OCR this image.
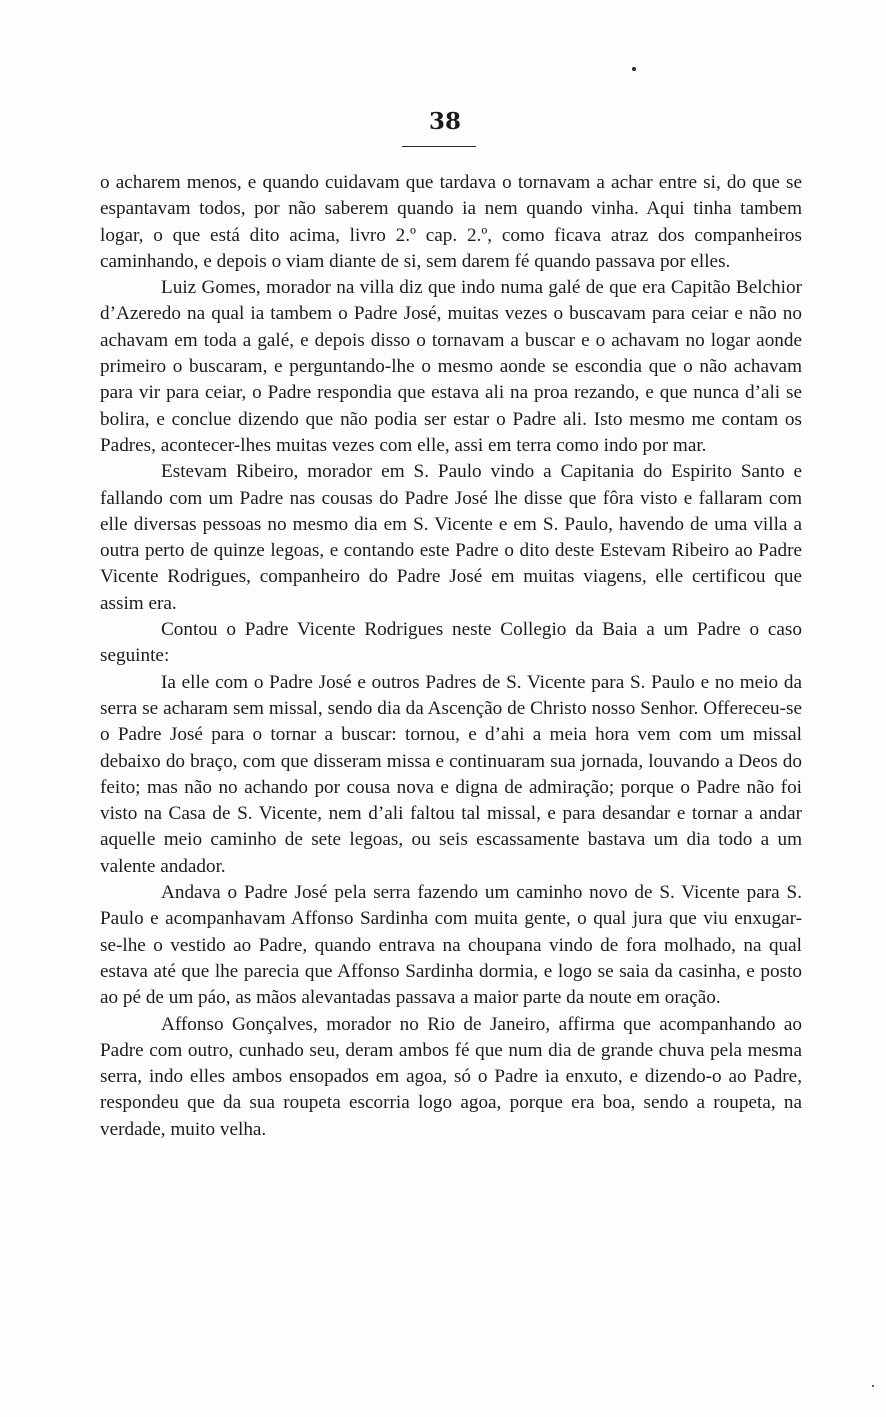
38

o acharem menos, e quando cuidavam que tardava o tornavam a achar entre si, do que se espantavam todos, por não saberem quando ia nem quando vinha. Aqui tinha tambem logar, o que está dito acima, livro 2.º cap. 2.º, como ficava atraz dos companheiros caminhando, e depois o viam diante de si, sem darem fé quando passava por elles.

Luiz Gomes, morador na villa diz que indo numa galé de que era Capitão Belchior d’Azeredo na qual ia tambem o Padre José, muitas vezes o buscavam para ceiar e não no achavam em toda a galé, e depois disso o tornavam a buscar e o achavam no logar aonde primeiro o buscaram, e perguntando-lhe o mesmo aonde se escondia que o não achavam para vir para ceiar, o Padre respondia que estava ali na proa rezando, e que nunca d’ali se bolira, e conclue dizendo que não podia ser estar o Padre ali. Isto mesmo me contam os Padres, acontecer-lhes muitas vezes com elle, assi em terra como indo por mar.

Estevam Ribeiro, morador em S. Paulo vindo a Capitania do Espirito Santo e fallando com um Padre nas cousas do Padre José lhe disse que fôra visto e fallaram com elle diversas pessoas no mesmo dia em S. Vicente e em S. Paulo, havendo de uma villa a outra perto de quinze legoas, e contando este Padre o dito deste Estevam Ribeiro ao Padre Vicente Rodrigues, companheiro do Padre José em muitas viagens, elle certificou que assim era.

Contou o Padre Vicente Rodrigues neste Collegio da Baia a um Padre o caso seguinte:

Ia elle com o Padre José e outros Padres de S. Vicente para S. Paulo e no meio da serra se acharam sem missal, sendo dia da Ascenção de Christo nosso Senhor. Offereceu-se o Padre José para o tornar a buscar: tornou, e d’ahi a meia hora vem com um missal debaixo do braço, com que disseram missa e continuaram sua jornada, louvando a Deos do feito; mas não no achando por cousa nova e digna de admiração; porque o Padre não foi visto na Casa de S. Vicente, nem d’ali faltou tal missal, e para desandar e tornar a andar aquelle meio caminho de sete legoas, ou seis escassamente bastava um dia todo a um valente andador.

Andava o Padre José pela serra fazendo um caminho novo de S. Vicente para S. Paulo e acompanhavam Affonso Sardinha com muita gente, o qual jura que viu enxugar-se-lhe o vestido ao Padre, quando entrava na choupana vindo de fora molhado, na qual estava até que lhe parecia que Affonso Sardinha dormia, e logo se saia da casinha, e posto ao pé de um páo, as mãos alevantadas passava a maior parte da noute em oração.

Affonso Gonçalves, morador no Rio de Janeiro, affirma que acompanhando ao Padre com outro, cunhado seu, deram ambos fé que num dia de grande chuva pela mesma serra, indo elles ambos ensopados em agoa, só o Padre ia enxuto, e dizendo-o ao Padre, respondeu que da sua roupeta escorria logo agoa, porque era boa, sendo a roupeta, na verdade, muito velha.
